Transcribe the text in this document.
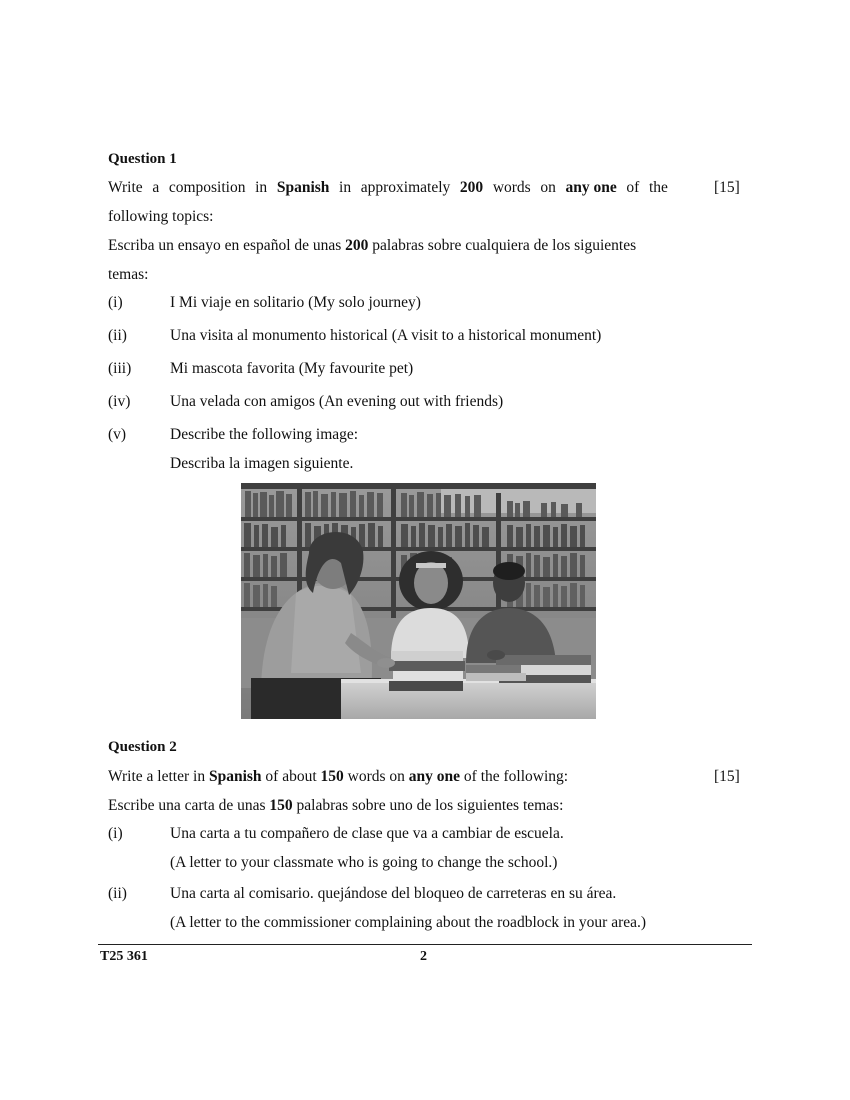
Question 1
Write a composition in Spanish in approximately 200 words on any one of the	[15]
following topics:
Escriba un ensayo en español de unas 200 palabras sobre cualquiera de los siguientes
temas:
(i)	I Mi viaje en solitario (My solo journey)
(ii)	Una visita al monumento historical (A visit to a historical monument)
(iii)	Mi mascota favorita (My favourite pet)
(iv)	Una velada con amigos (An evening out with friends)
(v)	Describe the following image:
Describa la imagen siguiente.
Question 2
Write a letter in Spanish of about 150 words on any one of the following:	[15]
Escribe una carta de unas 150 palabras sobre uno de los siguientes temas:
(i)	Una carta a tu compañero de clase que va a cambiar de escuela.
(A letter to your classmate who is going to change the school.)
(ii)	Una carta al comisario. quejándose del bloqueo de carreteras en su área.
(A letter to the commissioner complaining about the roadblock in your area.)
T25 361	2
